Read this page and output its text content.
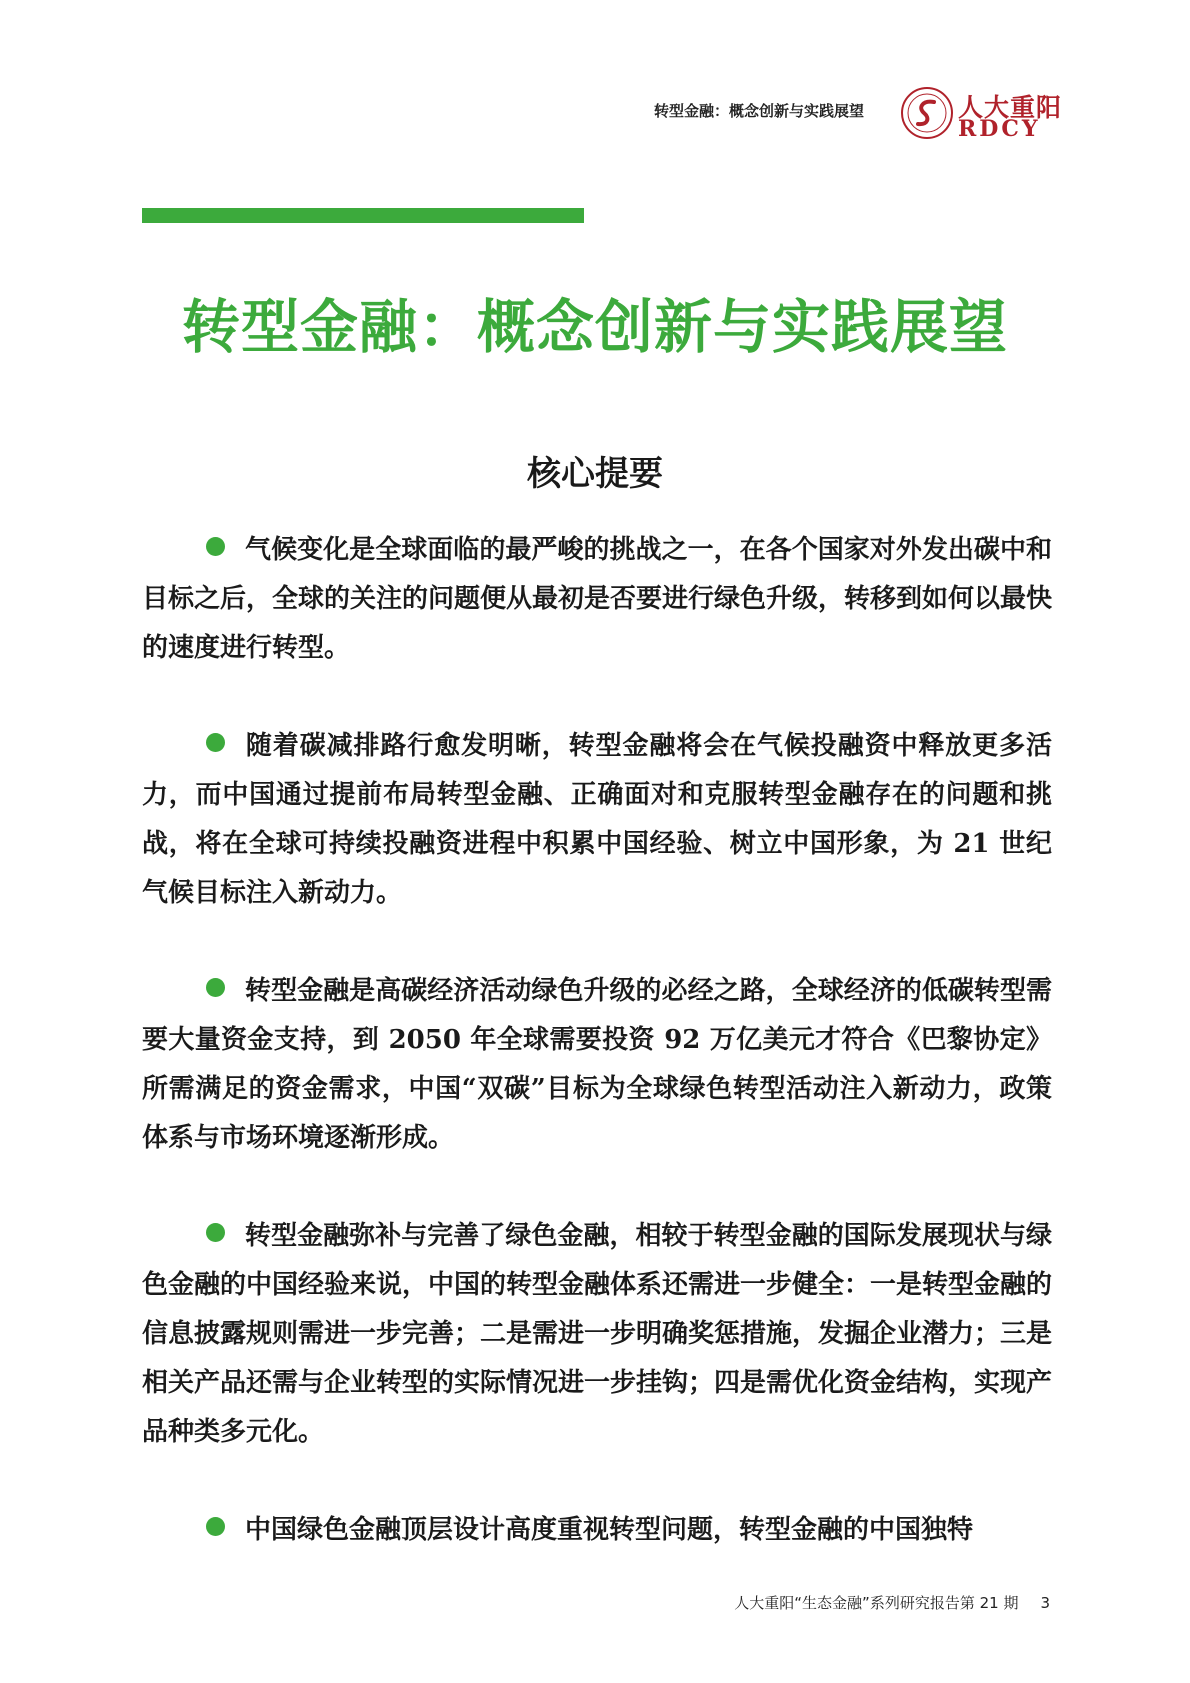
转型金融：概念创新与实践展望	人大重阳
RDCY
转型金融：概念创新与实践展望
核心提要

气候变化是全球面临的最严峻的挑战之一，在各个国家对外发出碳中和目标之后，全球的关注的问题便从最初是否要进行绿色升级，转移到如何以最快的速度进行转型。

随着碳减排路行愈发明晰，转型金融将会在气候投融资中释放更多活力，而中国通过提前布局转型金融、正确面对和克服转型金融存在的问题和挑战，将在全球可持续投融资进程中积累中国经验、树立中国形象，为 21 世纪气候目标注入新动力。

转型金融是高碳经济活动绿色升级的必经之路，全球经济的低碳转型需要大量资金支持，到 2050 年全球需要投资 92 万亿美元才符合《巴黎协定》所需满足的资金需求，中国“双碳”目标为全球绿色转型活动注入新动力，政策体系与市场环境逐渐形成。

转型金融弥补与完善了绿色金融，相较于转型金融的国际发展现状与绿色金融的中国经验来说，中国的转型金融体系还需进一步健全：一是转型金融的信息披露规则需进一步完善；二是需进一步明确奖惩措施，发掘企业潜力；三是相关产品还需与企业转型的实际情况进一步挂钩；四是需优化资金结构，实现产品种类多元化。

中国绿色金融顶层设计高度重视转型问题，转型金融的中国独特

人大重阳“生态金融”系列研究报告第 21 期 3
